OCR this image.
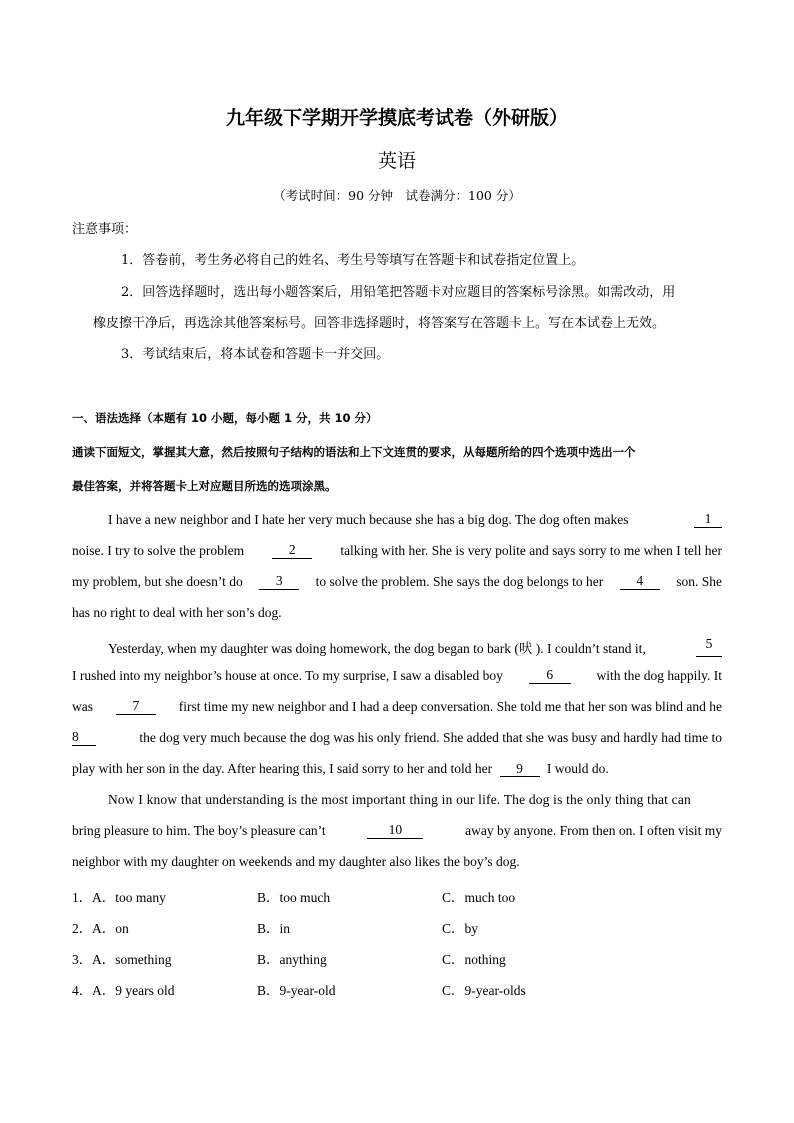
九年级下学期开学摸底考试卷（外研版）
英语
（考试时间：90 分钟　试卷满分：100 分）
注意事项：
1．答卷前，考生务必将自己的姓名、考生号等填写在答题卡和试卷指定位置上。
2．回答选择题时，选出每小题答案后，用铅笔把答题卡对应题目的答案标号涂黑。如需改动，用
橡皮擦干净后，再选涂其他答案标号。回答非选择题时，将答案写在答题卡上。写在本试卷上无效。
3．考试结束后，将本试卷和答题卡一并交回。
一、语法选择（本题有 10 小题，每小题 1 分，共 10 分）
通读下面短文，掌握其大意，然后按照句子结构的语法和上下文连贯的要求，从每题所给的四个选项中选出一个
最佳答案，并将答题卡上对应题目所选的选项涂黑。
I have a new neighbor and I hate her very much because she has a big dog. The dog often makes	1
noise. I try to solve the problem	2	talking with her. She is very polite and says sorry to me when I tell her
my problem, but she doesn’t do	3	to solve the problem. She says the dog belongs to her	4	son. She
has no right to deal with her son’s dog.
Yesterday, when my daughter was doing homework, the dog began to bark (吠 ). I couldn’t stand it,	5
I rushed into my neighbor’s house at once. To my surprise, I saw a disabled boy	6	with the dog happily. It
was	7	first time my new neighbor and I had a deep conversation. She told me that her son was blind and he
8	the dog very much because the dog was his only friend. She added that she was busy and hardly had time to
play with her son in the day. After hearing this, I said sorry to her and told her 9 I would do.
Now I know that understanding is the most important thing in our life. The dog is the only thing that can
bring pleasure to him. The boy’s pleasure can’t	10	away by anyone. From then on. I often visit my
neighbor with my daughter on weekends and my daughter also likes the boy’s dog.
1． A．too many	B．too much	C．much too
2． A．on	B．in	C．by
3． A．something	B．anything	C．nothing
4． A．9 years old	B．9-year-old	C．9-year-olds
